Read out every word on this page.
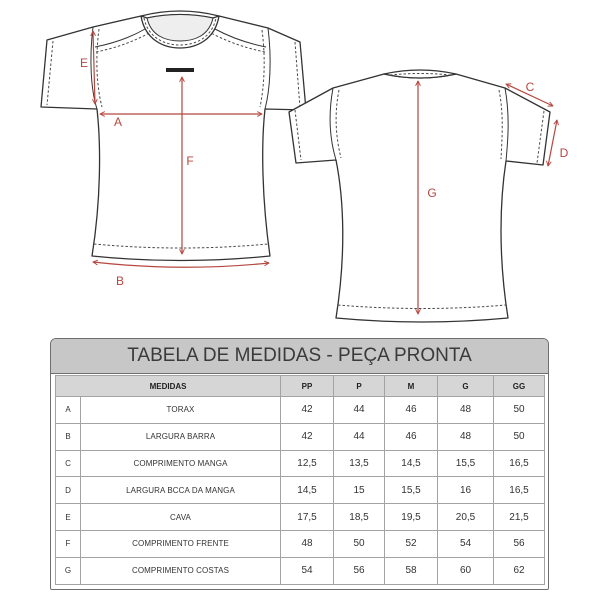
E
A
F
B
G
C
D
TABELA DE MEDIDAS - PEÇA PRONTA
MEDIDAS		PP	P	M	G	GG
A	TORAX	42	44	46	48	50
B	LARGURA BARRA	42	44	46	48	50
C	COMPRIMENTO MANGA	12,5	13,5	14,5	15,5	16,5
D	LARGURA BCCA DA MANGA	14,5	15	15,5	16	16,5
E	CAVA	17,5	18,5	19,5	20,5	21,5
F	COMPRIMENTO FRENTE	48	50	52	54	56
G	COMPRIMENTO COSTAS	54	56	58	60	62
